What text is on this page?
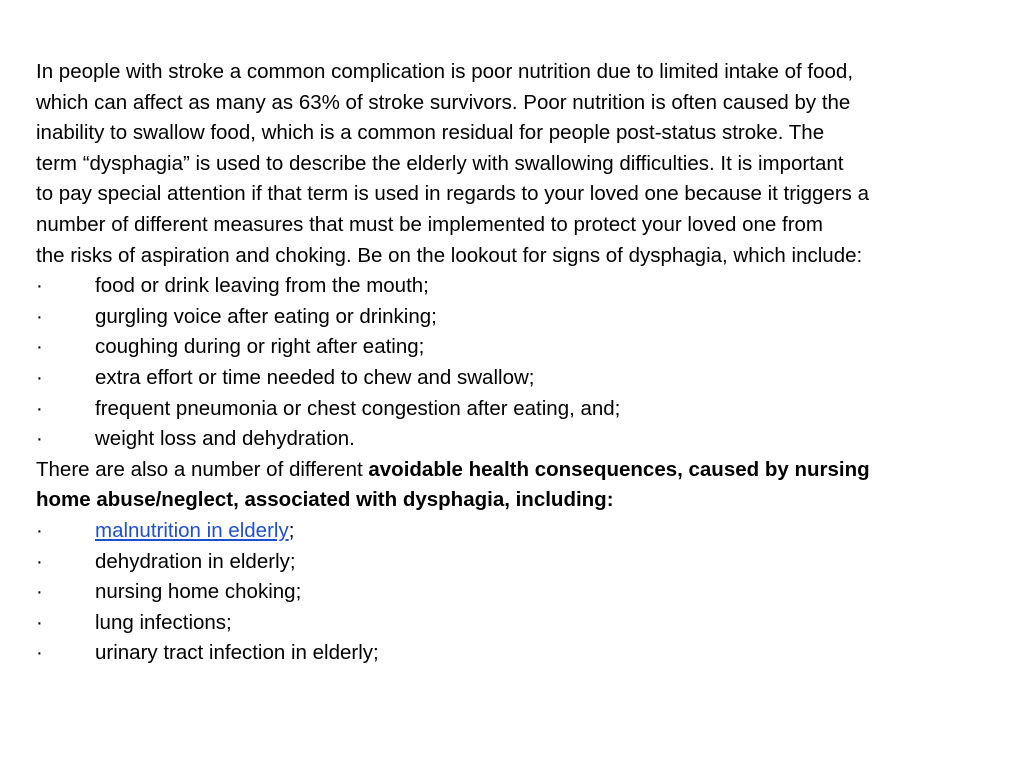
In people with stroke a common complication is poor nutrition due to limited intake of food,
which can affect as many as 63% of stroke survivors. Poor nutrition is often caused by the
inability to swallow food, which is a common residual for people post-status stroke. The
term “dysphagia” is used to describe the elderly with swallowing difficulties. It is important
to pay special attention if that term is used in regards to your loved one because it triggers a
number of different measures that must be implemented to protect your loved one from
the risks of aspiration and choking. Be on the lookout for signs of dysphagia, which include:

·	food or drink leaving from the mouth;
·	gurgling voice after eating or drinking;
·	coughing during or right after eating;
·	extra effort or time needed to chew and swallow;
·	frequent pneumonia or chest congestion after eating, and;
·	weight loss and dehydration.

There are also a number of different avoidable health consequences, caused by nursing
home abuse/neglect, associated with dysphagia, including:

·	malnutrition in elderly;
·	dehydration in elderly;
·	nursing home choking;
·	lung infections;
·	urinary tract infection in elderly;
